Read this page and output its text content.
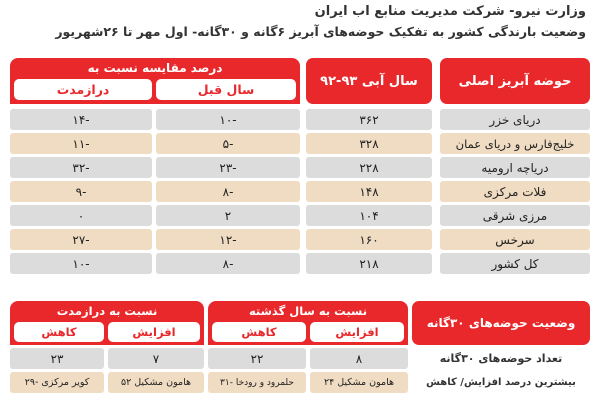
وزارت نیرو- شرکت مدیریت منابع اب ایران
وضعیت بارندگی کشور به تفکیک حوضه‌های آبریز ۶گانه و ۳۰گانه- اول مهر تا ۲۶شهریور
حوضه آبریز اصلی
سال آبی ۹۳-۹۲
درصد مقایسه نسبت به
سال قبل
درازمدت
دریای خزر
۳۶۲
-۱۰
-۱۴
خلیج‌فارس و دریای عمان
۳۲۸
-۵
-۱۱
دریاچه ارومیه
۲۲۸
-۲۳
-۳۲
فلات مرکزی
۱۴۸
-۸
-۹
مرزی شرقی
۱۰۴
۲
۰
سرخس
۱۶۰
-۱۲
-۲۷
کل کشور
۲۱۸
-۸
-۱۰
وضعیت حوضه‌های ۳۰گانه
نسبت به سال گذشته
افزایش
کاهش
نسبت به درازمدت
افزایش
کاهش
تعداد حوضه‌های ۳۰گانه
۸
۲۲
۷
۲۳
بیشترین درصد افزایش/ کاهش
هامون مشکیل ۲۴
حلمرود و رودخا -۳۱
هامون مشکیل ۵۲
کویر مرکزی -۲۹
